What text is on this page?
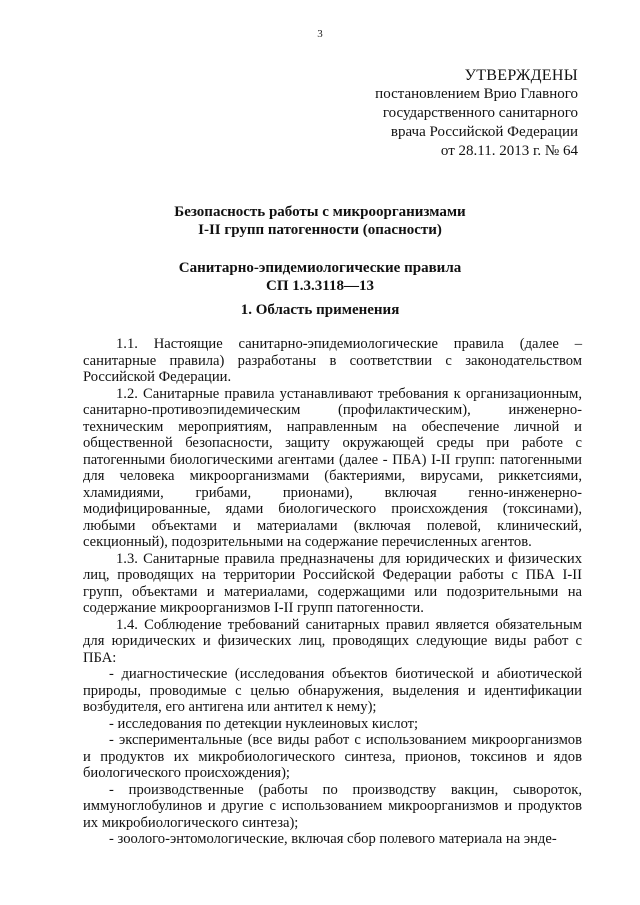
3
УТВЕРЖДЕНЫ
постановлением Врио Главного
государственного санитарного
врача Российской Федерации
от 28.11. 2013 г. № 64
Безопасность работы с микроорганизмами
I-II групп патогенности (опасности)
Санитарно-эпидемиологические правила
СП 1.3.3118—13
1. Область применения

1.1. Настоящие санитарно-эпидемиологические правила (далее – санитарные правила) разработаны в соответствии с законодательством Российской Федерации.

1.2. Санитарные правила устанавливают требования к организационным, санитарно-противоэпидемическим (профилактическим), инженерно-техническим мероприятиям, направленным на обеспечение личной и общественной безопасности, защиту окружающей среды при работе с патогенными биологическими агентами (далее - ПБА) I-II групп: патогенными для человека микроорганизмами (бактериями, вирусами, риккетсиями, хламидиями, грибами, прионами), включая генно-инженерно-модифицированные, ядами биологического происхождения (токсинами), любыми объектами и материалами (включая полевой, клинический, секционный), подозрительными на содержание перечисленных агентов.

1.3. Санитарные правила предназначены для юридических и физических лиц, проводящих на территории Российской Федерации работы с ПБА I-II групп, объектами и материалами, содержащими или подозрительными на содержание микроорганизмов I-II групп патогенности.

1.4. Соблюдение требований санитарных правил является обязательным для юридических и физических лиц, проводящих следующие виды работ с ПБА:

- диагностические (исследования объектов биотической и абиотической природы, проводимые с целью обнаружения, выделения и идентификации возбудителя, его антигена или антител к нему);

- исследования по детекции нуклеиновых кислот;

- экспериментальные (все виды работ с использованием микроорганизмов и продуктов их микробиологического синтеза, прионов, токсинов и ядов биологического происхождения);

- производственные (работы по производству вакцин, сывороток, иммуноглобулинов и другие с использованием микроорганизмов и продуктов их микробиологического синтеза);

- зоолого-энтомологические, включая сбор полевого материала на энде-
